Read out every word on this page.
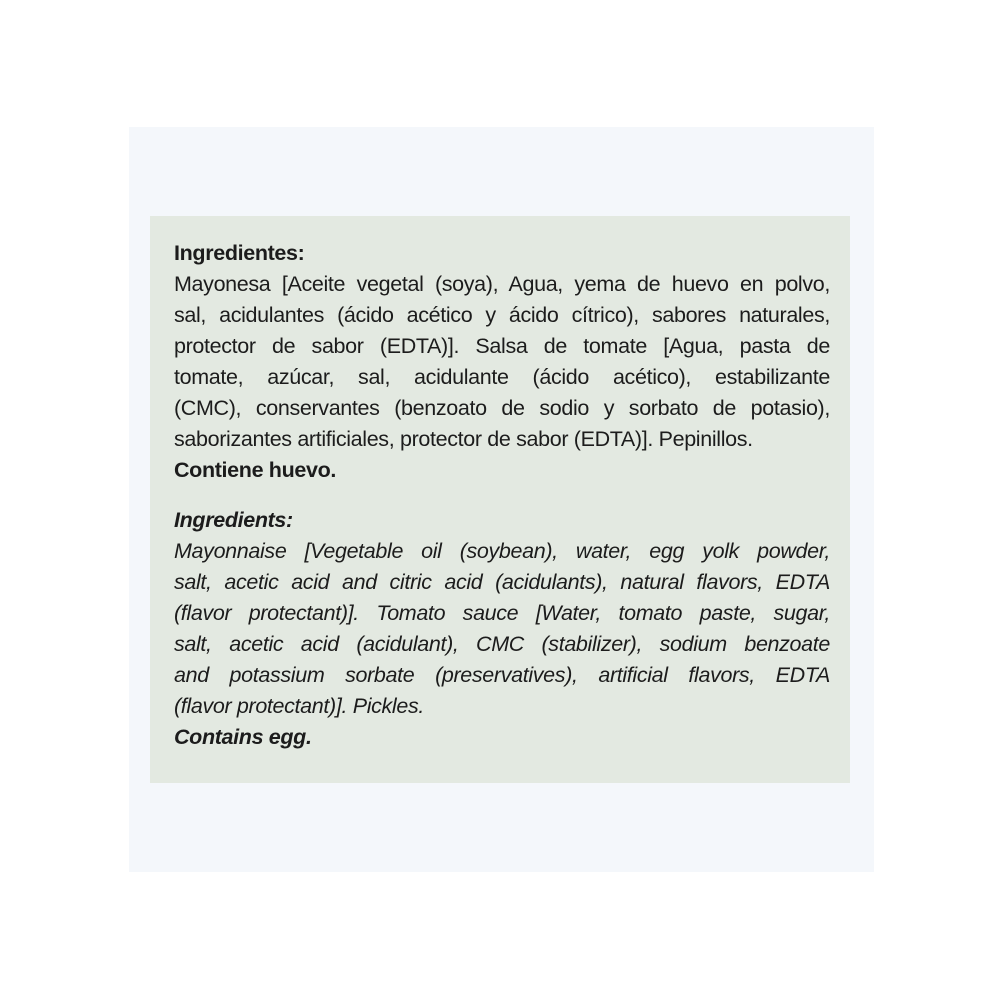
Ingredientes:
Mayonesa [Aceite vegetal (soya), Agua, yema de huevo en polvo,
sal, acidulantes (ácido acético y ácido cítrico), sabores naturales,
protector de sabor (EDTA)]. Salsa de tomate [Agua, pasta de
tomate, azúcar, sal, acidulante (ácido acético), estabilizante
(CMC), conservantes (benzoato de sodio y sorbato de potasio),
saborizantes artificiales, protector de sabor (EDTA)]. Pepinillos.
Contiene huevo.
Ingredients:
Mayonnaise [Vegetable oil (soybean), water, egg yolk powder,
salt, acetic acid and citric acid (acidulants), natural flavors, EDTA
(flavor protectant)]. Tomato sauce [Water, tomato paste, sugar,
salt, acetic acid (acidulant), CMC (stabilizer), sodium benzoate
and potassium sorbate (preservatives), artificial flavors, EDTA
(flavor protectant)]. Pickles.
Contains egg.
